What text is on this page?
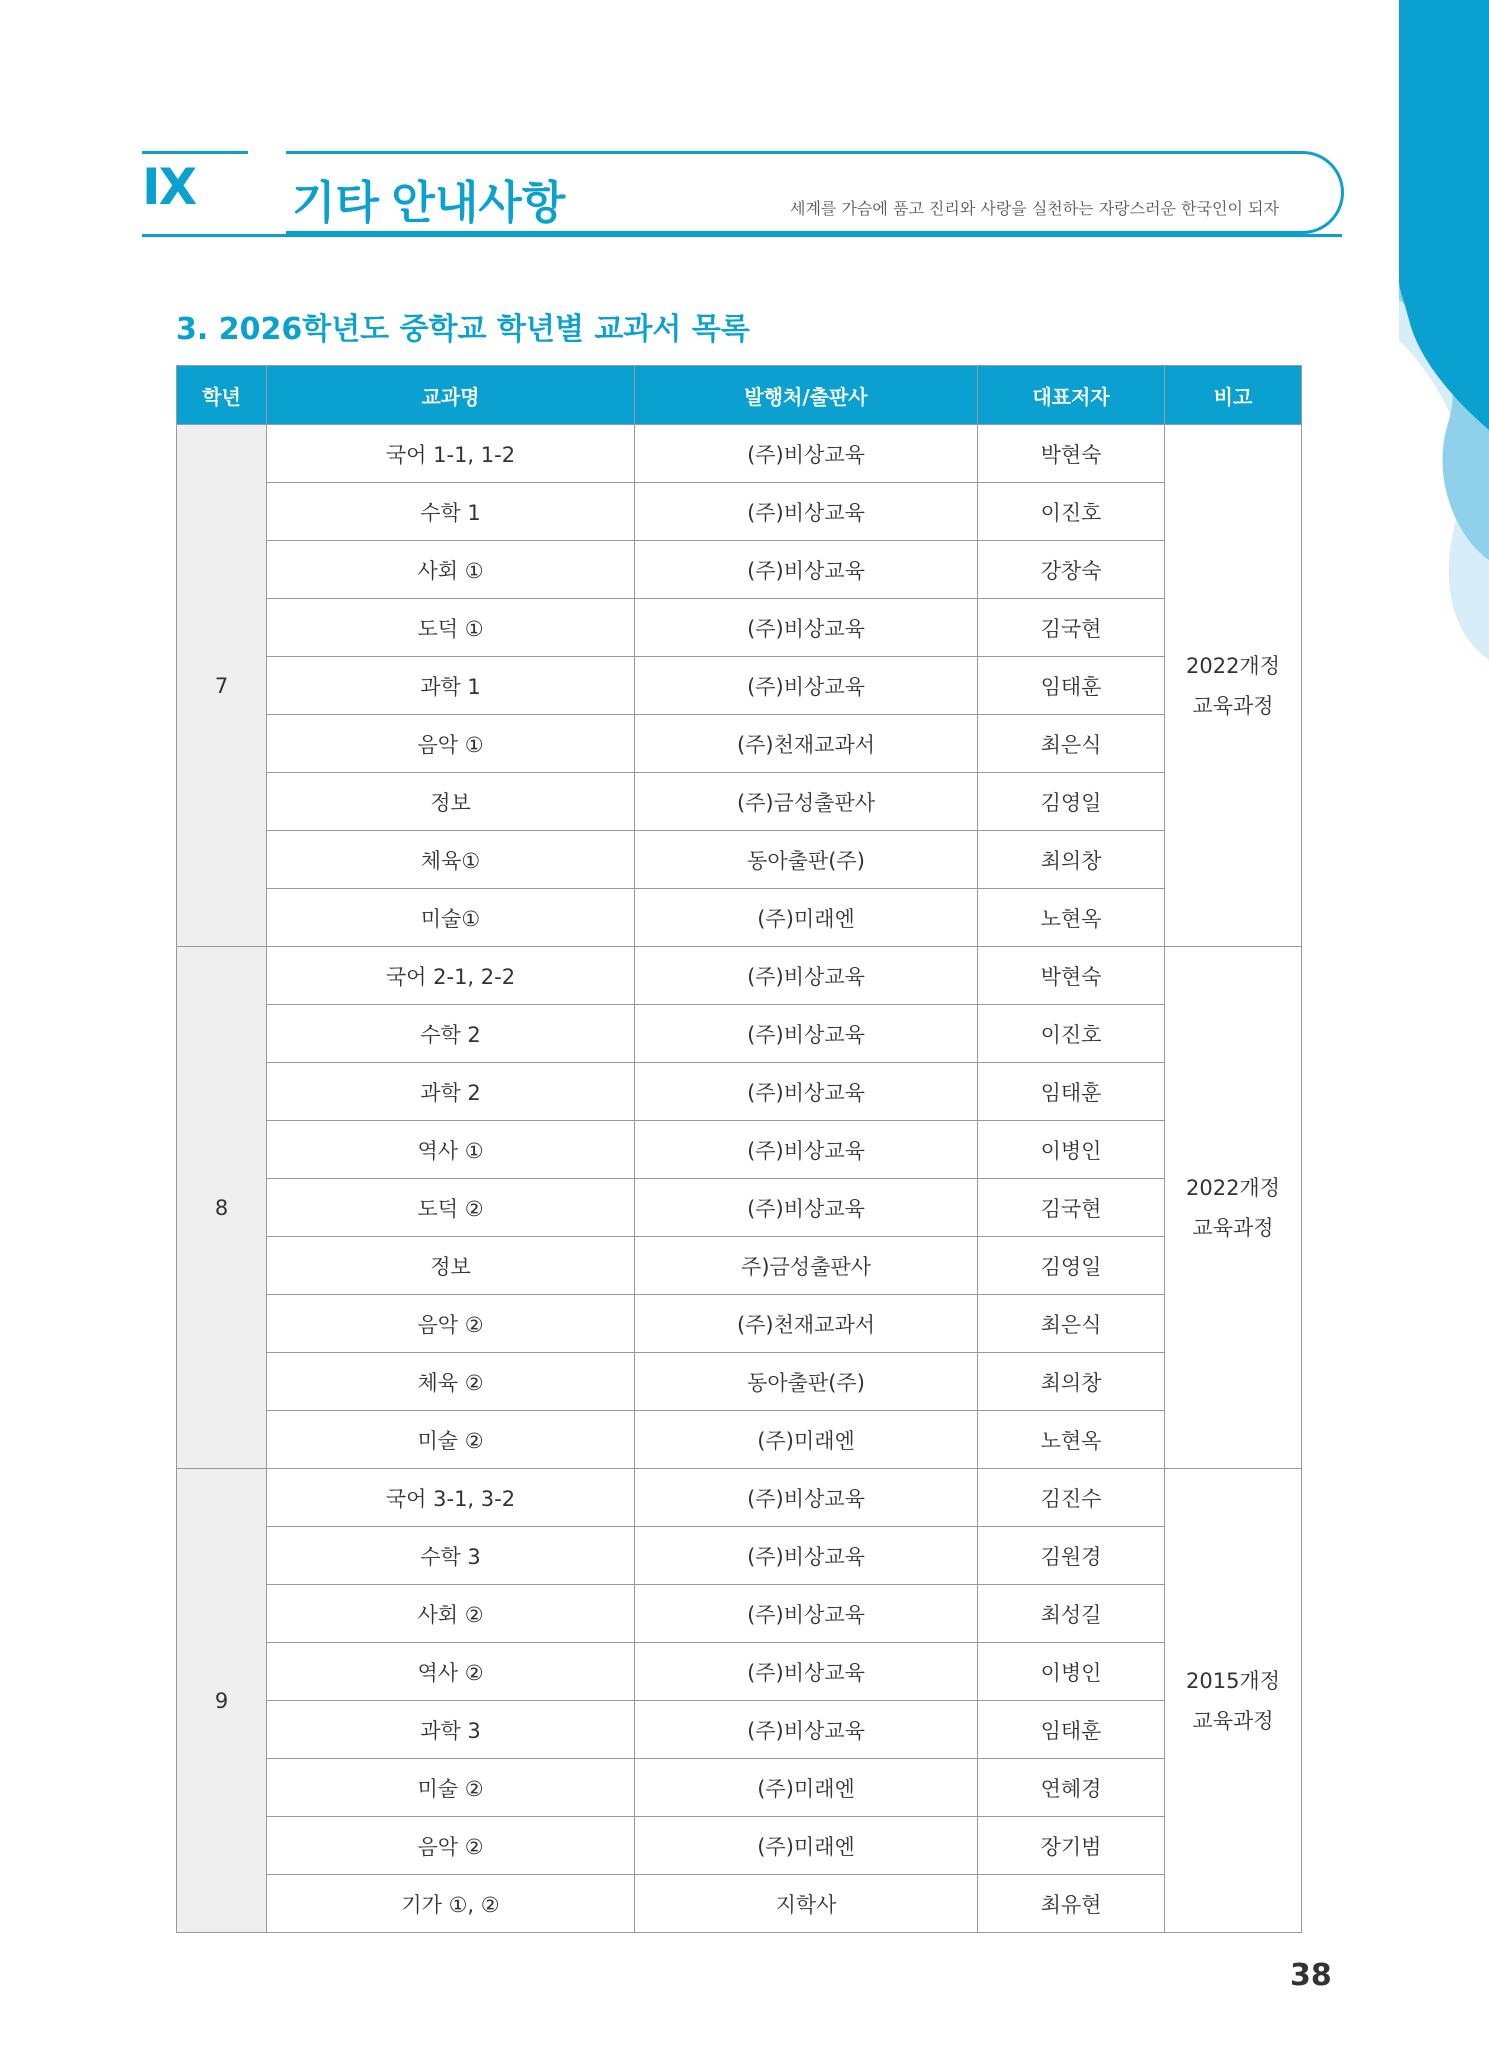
IX	기타 안내사항	세계를 가슴에 품고 진리와 사랑을 실천하는 자랑스러운 한국인이 되자
3. 2026학년도 중학교 학년별 교과서 목록
학년	교과명	발행처/출판사	대표저자	비고
7	국어 1-1, 1-2	(주)비상교육	박현숙	2022개정
교육과정
	수학 1	(주)비상교육	이진호	
	사회 ①	(주)비상교육	강창숙	
	도덕 ①	(주)비상교육	김국현	
	과학 1	(주)비상교육	임태훈	
	음악 ①	(주)천재교과서	최은식	
	정보	(주)금성출판사	김영일	
	체육①	동아출판(주)	최의창	
	미술①	(주)미래엔	노현옥	
8	국어 2-1, 2-2	(주)비상교육	박현숙	2022개정
교육과정
	수학 2	(주)비상교육	이진호	
	과학 2	(주)비상교육	임태훈	
	역사 ①	(주)비상교육	이병인	
	도덕 ②	(주)비상교육	김국현	
	정보	주)금성출판사	김영일	
	음악 ②	(주)천재교과서	최은식	
	체육 ②	동아출판(주)	최의창	
	미술 ②	(주)미래엔	노현옥	
9	국어 3-1, 3-2	(주)비상교육	김진수	2015개정
교육과정
	수학 3	(주)비상교육	김원경	
	사회 ②	(주)비상교육	최성길	
	역사 ②	(주)비상교육	이병인	
	과학 3	(주)비상교육	임태훈	
	미술 ②	(주)미래엔	연혜경	
	음악 ②	(주)미래엔	장기범	
	기가 ①, ②	지학사	최유현	
38
